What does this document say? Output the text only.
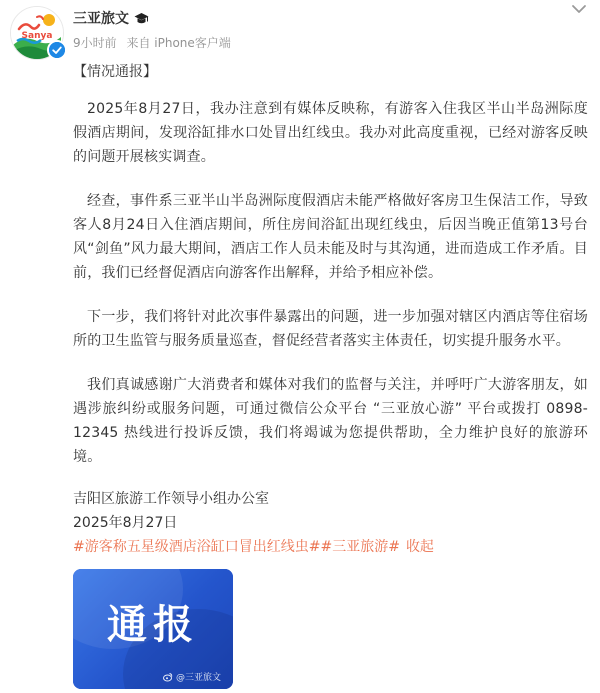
Sanya
三亚旅文
9小时前 来自 iPhone客户端

【情况通报】

2025年8月27日，我办注意到有媒体反映称，有游客入住我区半山半岛洲际度假酒店期间，发现浴缸排水口处冒出红线虫。我办对此高度重视，已经对游客反映的问题开展核实调查。

经查，事件系三亚半山半岛洲际度假酒店未能严格做好客房卫生保洁工作，导致客人8月24日入住酒店期间，所住房间浴缸出现红线虫，后因当晚正值第13号台风“剑鱼”风力最大期间，酒店工作人员未能及时与其沟通，进而造成工作矛盾。目前，我们已经督促酒店向游客作出解释，并给予相应补偿。

下一步，我们将针对此次事件暴露出的问题，进一步加强对辖区内酒店等住宿场所的卫生监管与服务质量巡查，督促经营者落实主体责任，切实提升服务水平。

我们真诚感谢广大消费者和媒体对我们的监督与关注，并呼吁广大游客朋友，如遇涉旅纠纷或服务问题，可通过微信公众平台 “三亚放心游” 平台或拨打 0898-12345 热线进行投诉反馈，我们将竭诚为您提供帮助，全力维护良好的旅游环境。

吉阳区旅游工作领导小组办公室

2025年8月27日

#游客称五星级酒店浴缸口冒出红线虫##三亚旅游# 收起
通报
@三亚旅文
